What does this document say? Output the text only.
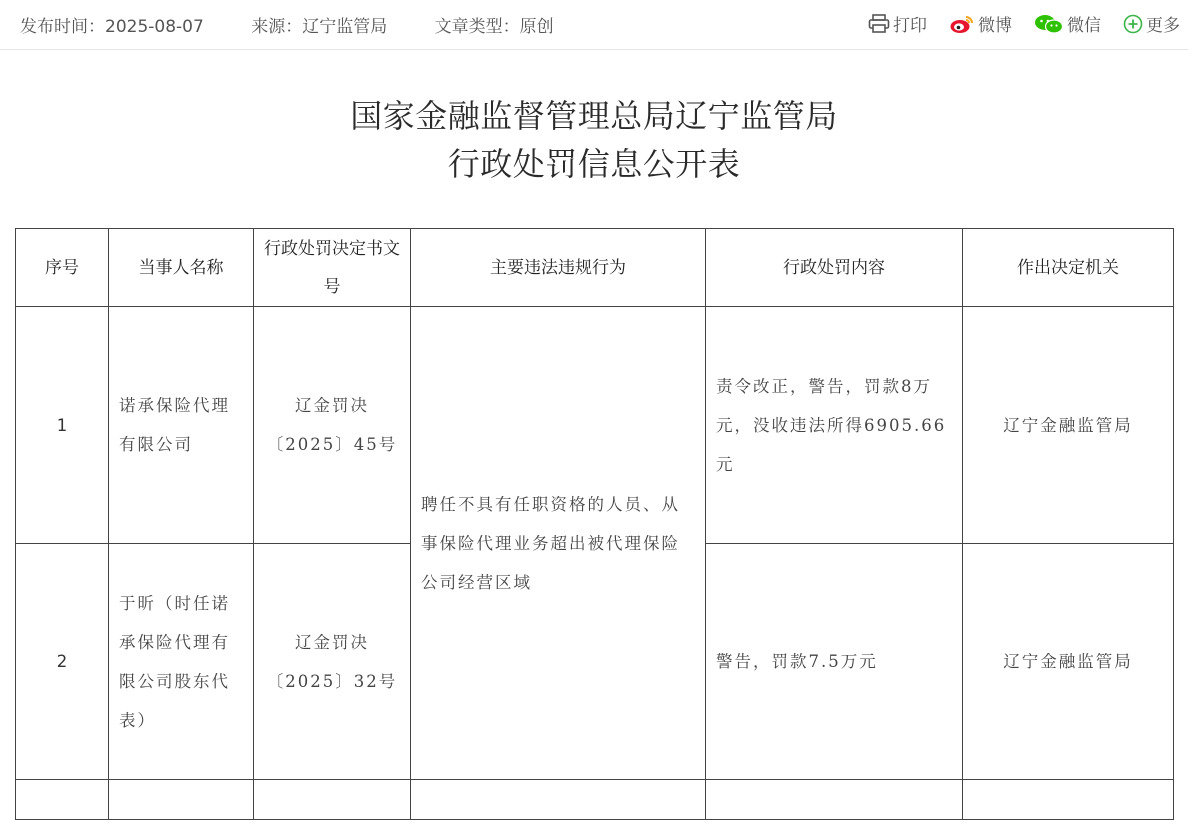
发布时间：2025-08-07	来源：辽宁监管局	文章类型：原创	打印	微博	微信	更多
国家金融监督管理总局辽宁监管局
行政处罚信息公开表
序号	当事人名称	行政处罚决定书文号	主要违法违规行为	行政处罚内容	作出决定机关
1	诺承保险代理有限公司	辽金罚决〔2025〕45号	聘任不具有任职资格的人员、从事保险代理业务超出被代理保险公司经营区域	责令改正，警告，罚款8万元，没收违法所得6905.66元	辽宁金融监管局
2	于昕（时任诺承保险代理有限公司股东代表）	辽金罚决〔2025〕32号		警告，罚款7.5万元	辽宁金融监管局
